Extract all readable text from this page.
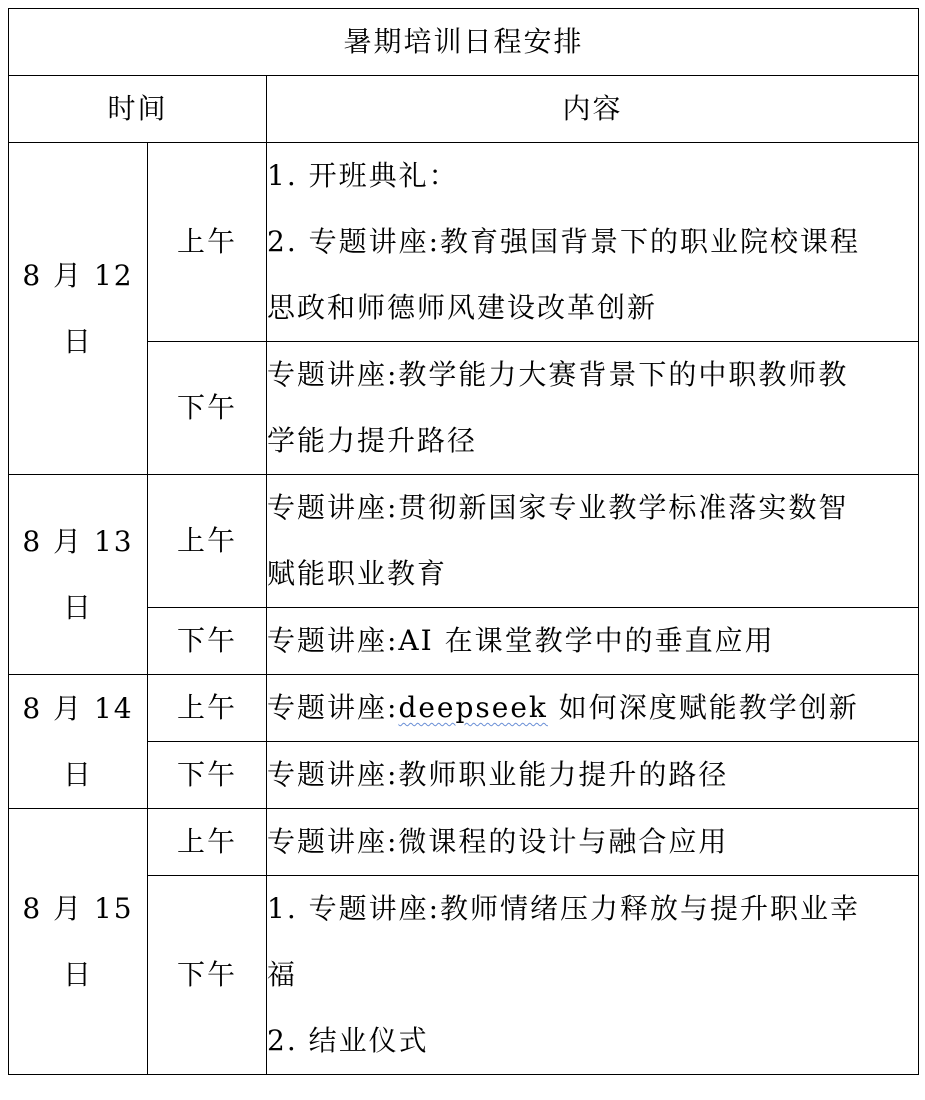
暑期培训日程安排		
时间		内容

8 月 12
日	上午	1. 开班典礼：
2. 专题讲座:教育强国背景下的职业院校课程
思政和师德师风建设改革创新

	下午	专题讲座:教学能力大赛背景下的中职教师教
学能力提升路径

8 月 13
日	上午	专题讲座:贯彻新国家专业教学标准落实数智
赋能职业教育

	下午	专题讲座:AI 在课堂教学中的垂直应用

8 月 14
日	上午	专题讲座:deepseek 如何深度赋能教学创新

	下午	专题讲座:教师职业能力提升的路径

8 月 15
日	上午	专题讲座:微课程的设计与融合应用

	下午	1. 专题讲座:教师情绪压力释放与提升职业幸
福
2. 结业仪式
